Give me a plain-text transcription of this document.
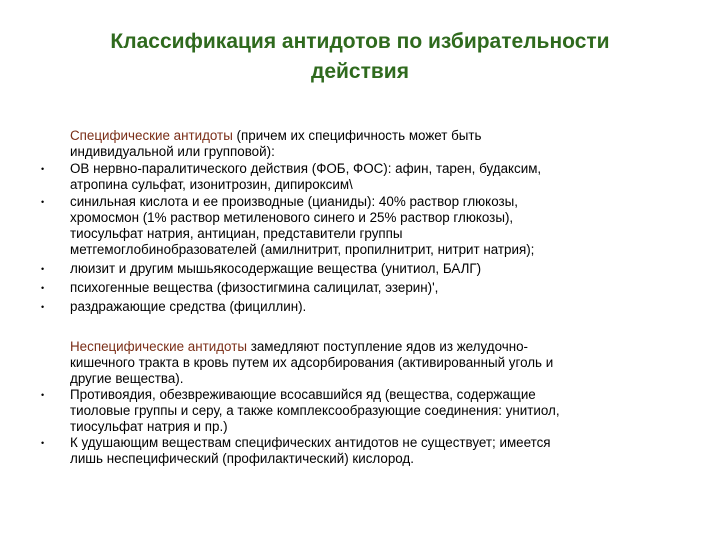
Классификация антидотов по избирательности
действия
Специфические антидоты (причем их специфичность может быть
индивидуальной или групповой):
• ОВ нервно-паралитического действия (ФОБ, ФОС): афин, тарен, будаксим,
атропина сульфат, изонитрозин, дипироксим\
• синильная кислота и ее производные (цианиды): 40% раствор глюкозы,
хромосмон (1% раствор метиленового синего и 25% раствор глюкозы),
тиосульфат натрия, антициан, представители группы
метгемоглобинобразователей (амилнитрит, пропилнитрит, нитрит натрия);
• люизит и другим мышьякосодержащие вещества (унитиол, БАЛГ)
• психогенные вещества (физостигмина салицилат, эзерин)',
• раздражающие средства (фициллин).
Неспецифические антидоты замедляют поступление ядов из желудочно-
кишечного тракта в кровь путем их адсорбирования (активированный уголь и
другие вещества).
• Противоядия, обезвреживающие всосавшийся яд (вещества, содержащие
тиоловые группы и серу, а также комплексообразующие соединения: унитиол,
тиосульфат натрия и пр.)
• К удушающим веществам специфических антидотов не существует; имеется
лишь неспецифический (профилактический) кислород.
